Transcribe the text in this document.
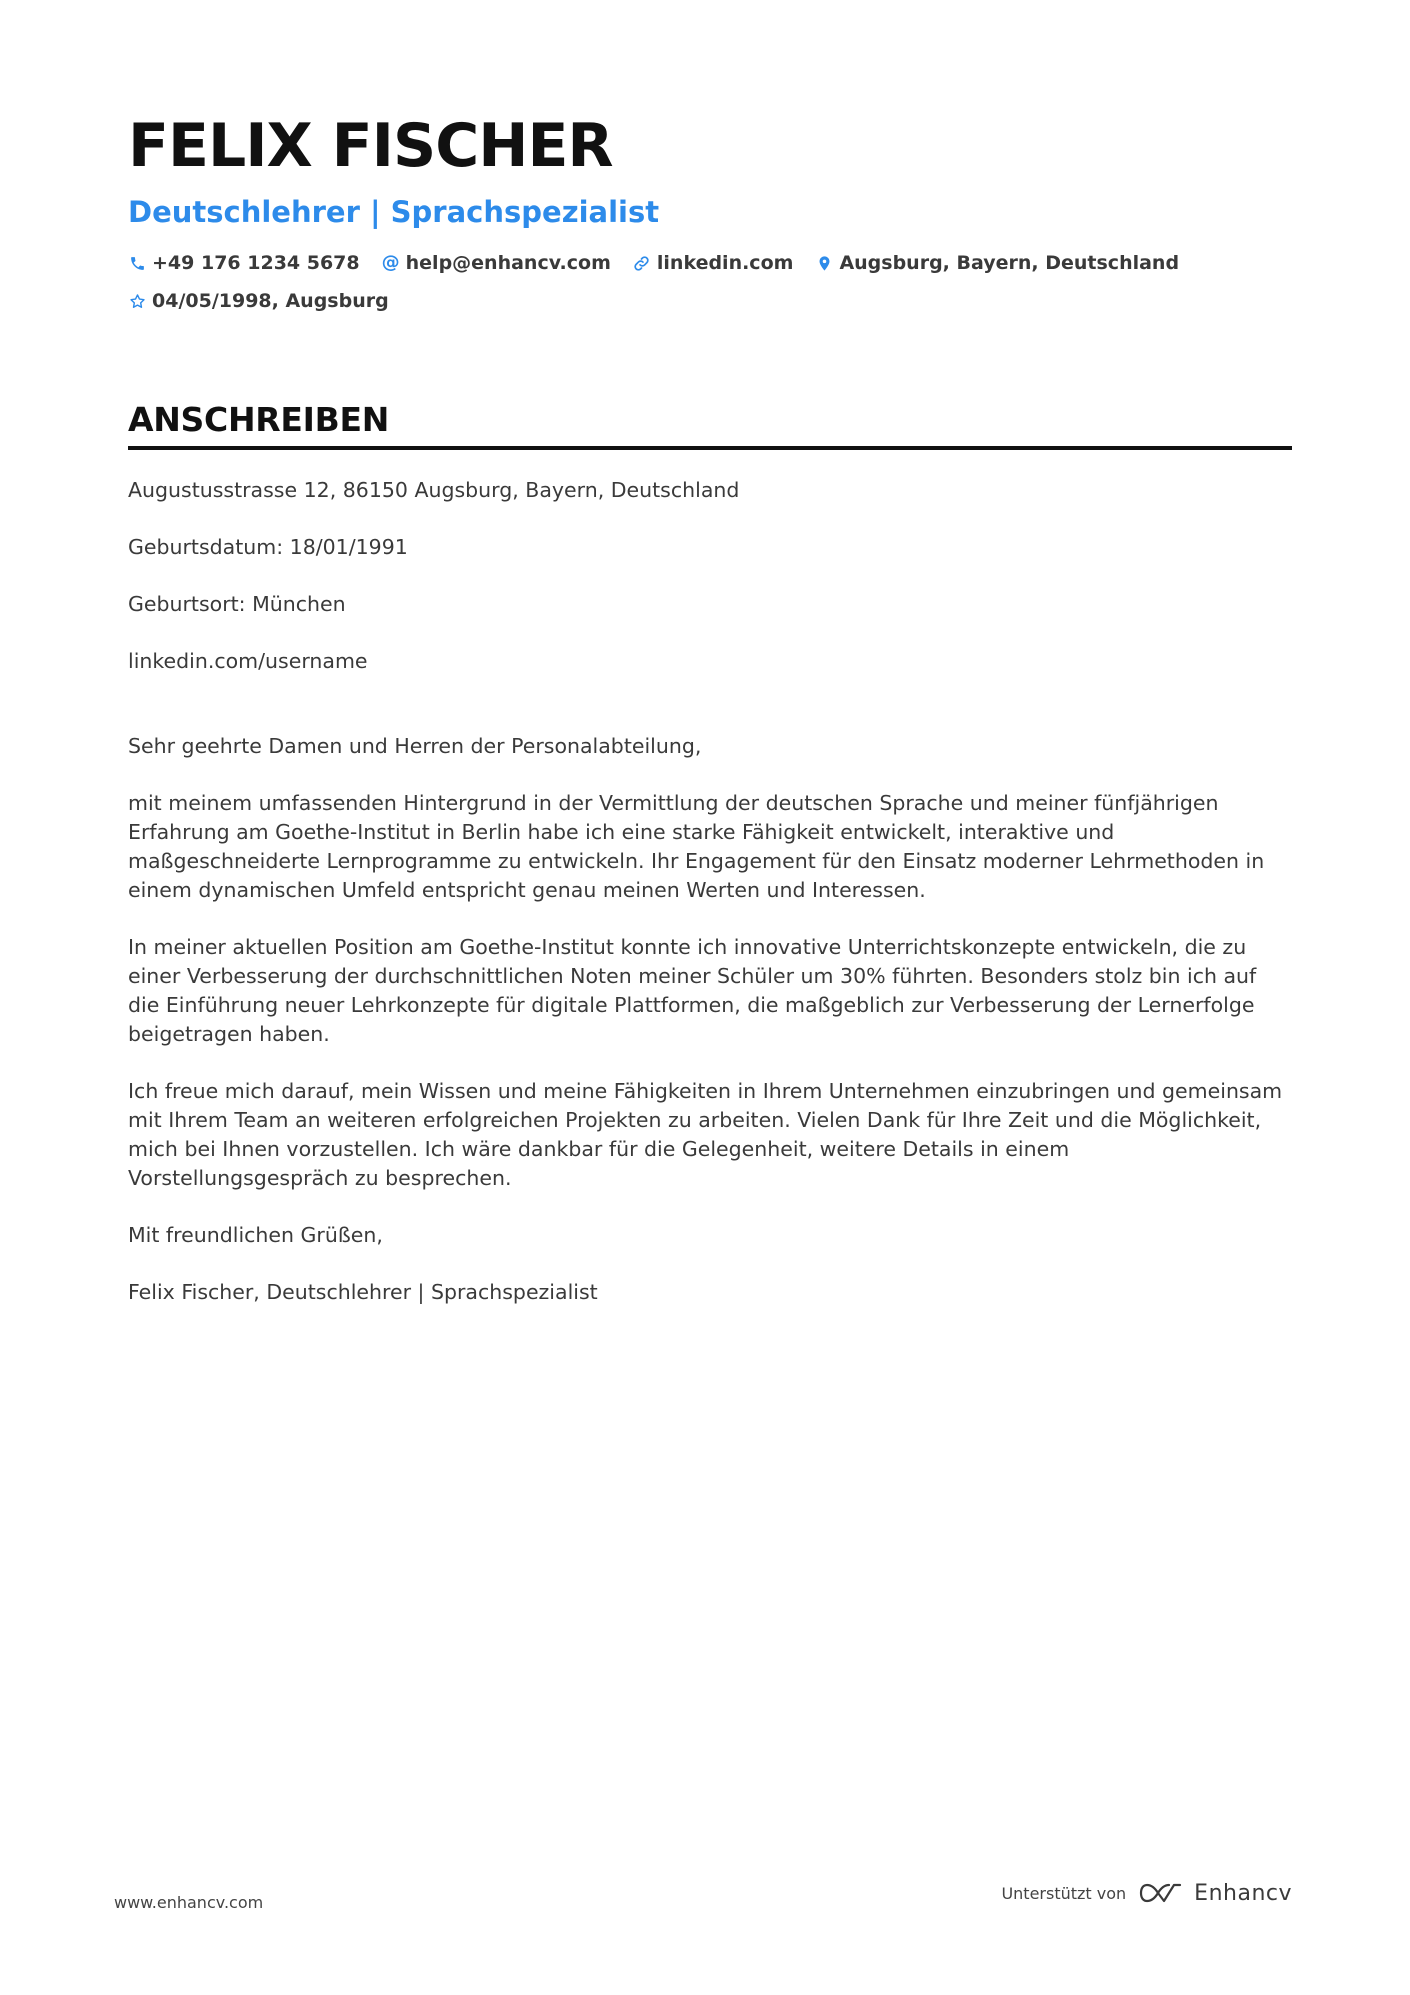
FELIX FISCHER
Deutschlehrer | Sprachspezialist
+49 176 1234 5678 @ help@enhancv.com linkedin.com Augsburg, Bayern, Deutschland
04/05/1998, Augsburg
ANSCHREIBEN

Augustusstrasse 12, 86150 Augsburg, Bayern, Deutschland

Geburtsdatum: 18/01/1991

Geburtsort: München

linkedin.com/username

Sehr geehrte Damen und Herren der Personalabteilung,

mit meinem umfassenden Hintergrund in der Vermittlung der deutschen Sprache und meiner fünfjährigen Erfahrung am Goethe-Institut in Berlin habe ich eine starke Fähigkeit entwickelt, interaktive und maßgeschneiderte Lernprogramme zu entwickeln. Ihr Engagement für den Einsatz moderner Lehrmethoden in einem dynamischen Umfeld entspricht genau meinen Werten und Interessen.

In meiner aktuellen Position am Goethe-Institut konnte ich innovative Unterrichtskonzepte entwickeln, die zu einer Verbesserung der durchschnittlichen Noten meiner Schüler um 30% führten. Besonders stolz bin ich auf die Einführung neuer Lehrkonzepte für digitale Plattformen, die maßgeblich zur Verbesserung der Lernerfolge beigetragen haben.

Ich freue mich darauf, mein Wissen und meine Fähigkeiten in Ihrem Unternehmen einzubringen und gemeinsam mit Ihrem Team an weiteren erfolgreichen Projekten zu arbeiten. Vielen Dank für Ihre Zeit und die Möglichkeit, mich bei Ihnen vorzustellen. Ich wäre dankbar für die Gelegenheit, weitere Details in einem Vorstellungsgespräch zu besprechen.

Mit freundlichen Grüßen,

Felix Fischer, Deutschlehrer | Sprachspezialist

www.enhancv.com	Unterstützt von	Enhancv
